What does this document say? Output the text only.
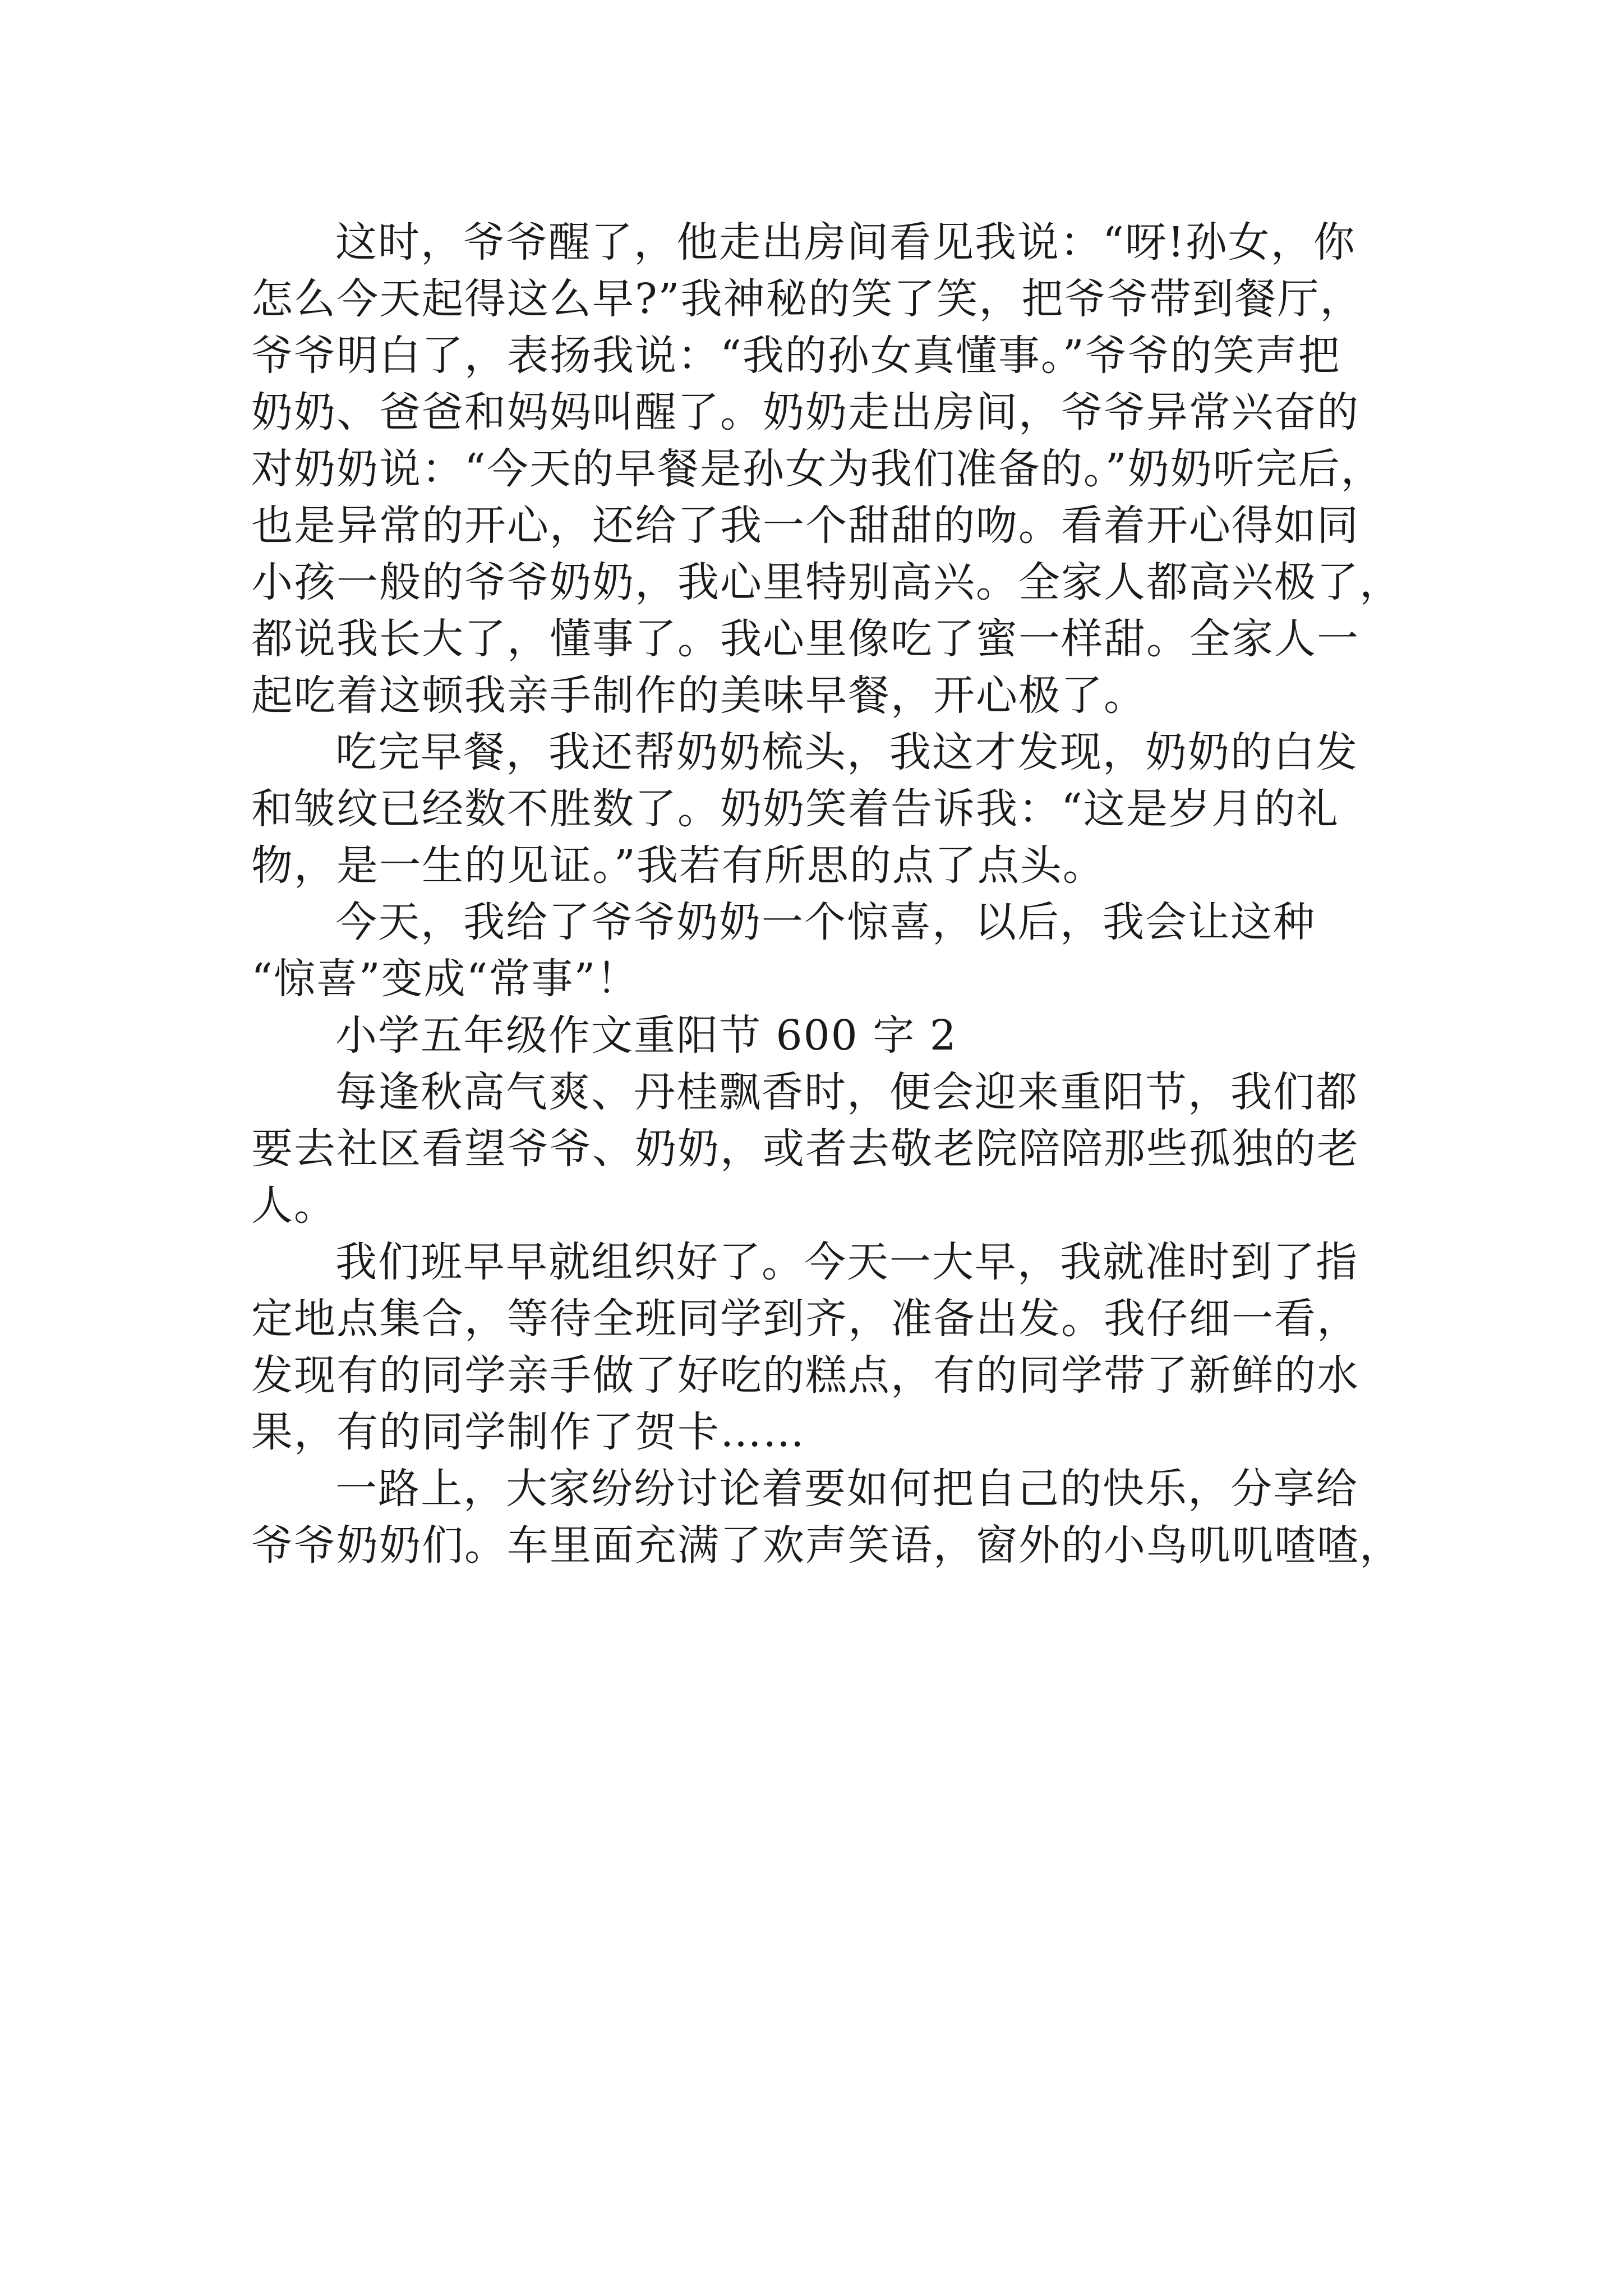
这时，爷爷醒了，他走出房间看见我说：“呀!孙女，你
怎么今天起得这么早?”我神秘的笑了笑，把爷爷带到餐厅，
爷爷明白了，表扬我说：“我的孙女真懂事。”爷爷的笑声把
奶奶、爸爸和妈妈叫醒了。奶奶走出房间，爷爷异常兴奋的
对奶奶说：“今天的早餐是孙女为我们准备的。”奶奶听完后，
也是异常的开心，还给了我一个甜甜的吻。看着开心得如同
小孩一般的爷爷奶奶，我心里特别高兴。全家人都高兴极了，
都说我长大了，懂事了。我心里像吃了蜜一样甜。全家人一
起吃着这顿我亲手制作的美味早餐，开心极了。
吃完早餐，我还帮奶奶梳头，我这才发现，奶奶的白发
和皱纹已经数不胜数了。奶奶笑着告诉我：“这是岁月的礼
物，是一生的见证。”我若有所思的点了点头。
今天，我给了爷爷奶奶一个惊喜，以后，我会让这种
“惊喜”变成“常事”！
小学五年级作文重阳节 600 字 2
每逢秋高气爽、丹桂飘香时，便会迎来重阳节，我们都
要去社区看望爷爷、奶奶，或者去敬老院陪陪那些孤独的老
人。
我们班早早就组织好了。今天一大早，我就准时到了指
定地点集合，等待全班同学到齐，准备出发。我仔细一看，
发现有的同学亲手做了好吃的糕点，有的同学带了新鲜的水
果，有的同学制作了贺卡……
一路上，大家纷纷讨论着要如何把自己的快乐，分享给
爷爷奶奶们。车里面充满了欢声笑语，窗外的小鸟叽叽喳喳，
